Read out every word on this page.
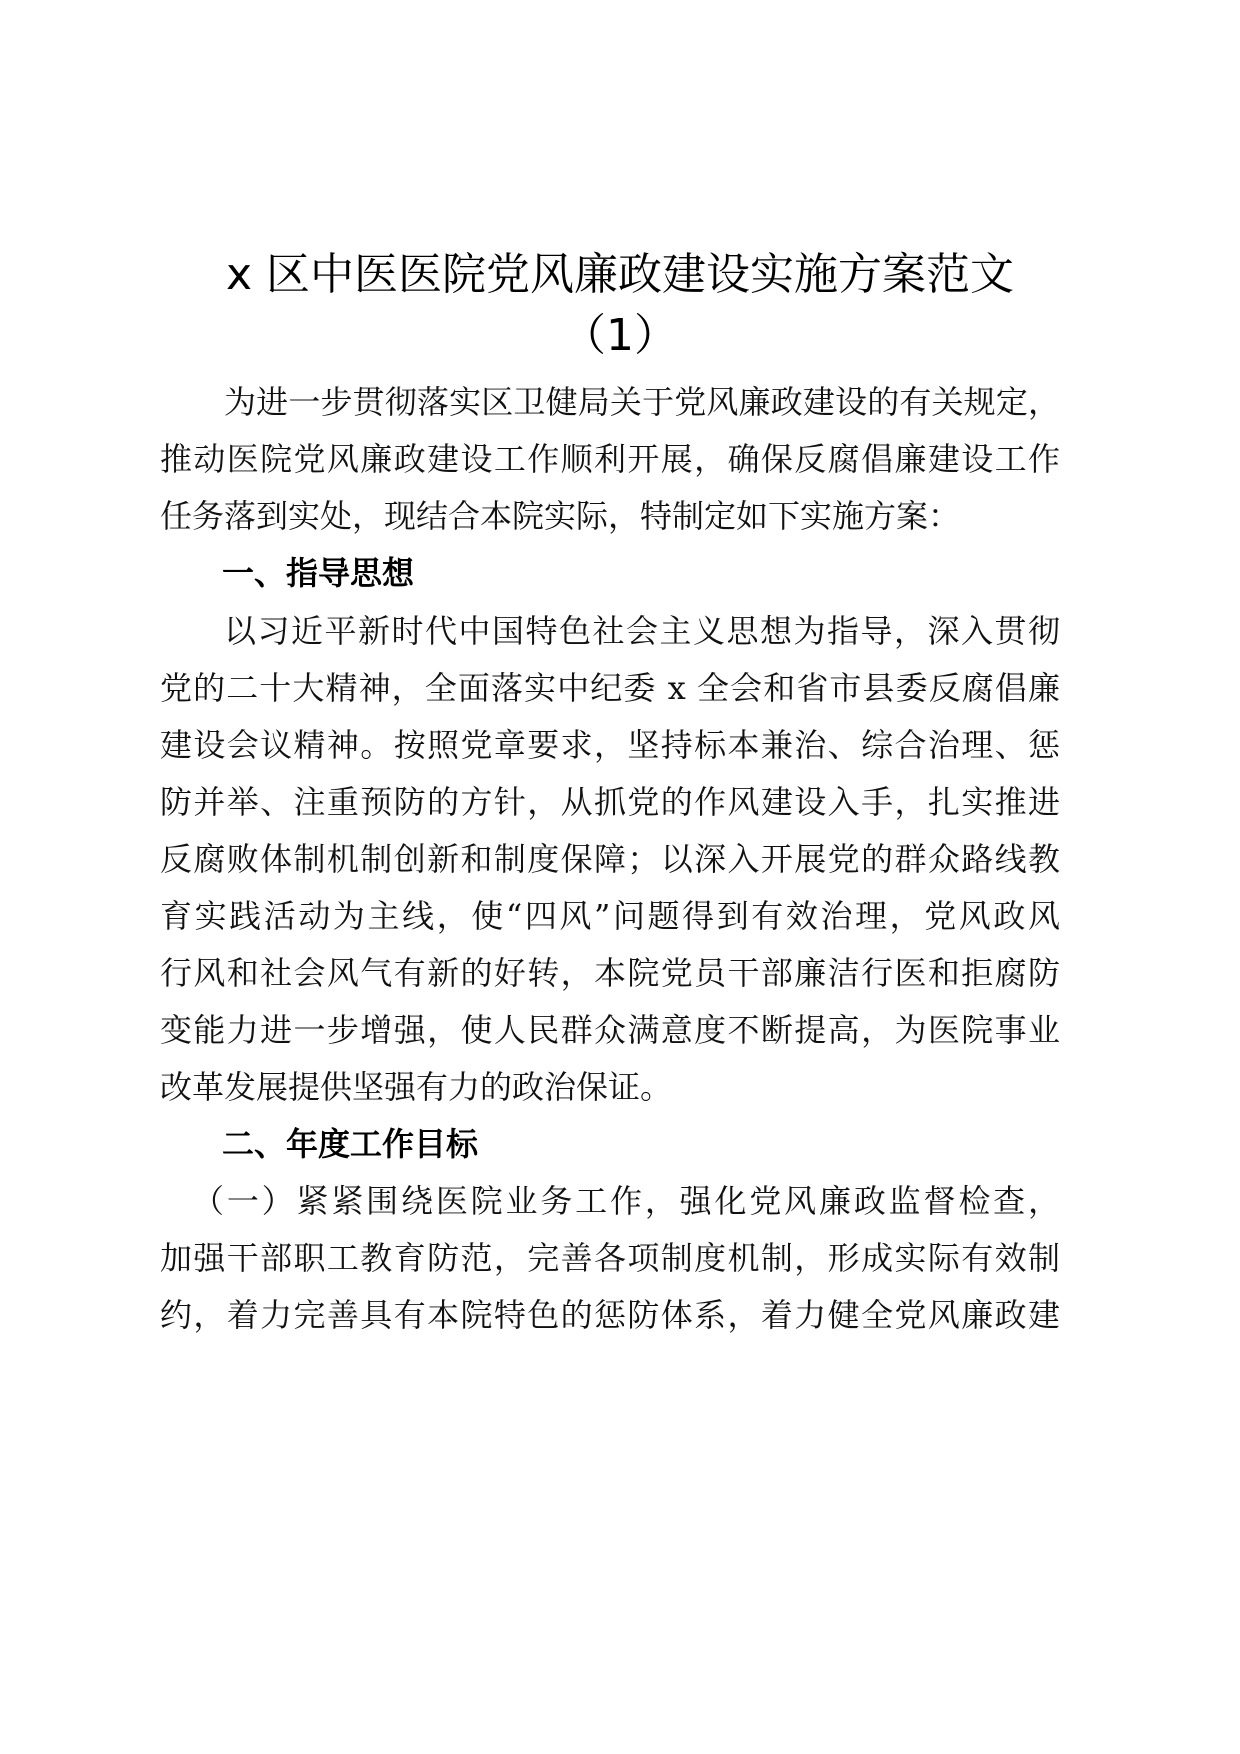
x 区中医医院党风廉政建设实施方案范文
（1）

为进一步贯彻落实区卫健局关于党风廉政建设的有关规定，

推动医院党风廉政建设工作顺利开展，确保反腐倡廉建设工作

任务落到实处，现结合本院实际，特制定如下实施方案：

一、指导思想

以习近平新时代中国特色社会主义思想为指导，深入贯彻

党的二十大精神，全面落实中纪委 x 全会和省市县委反腐倡廉

建设会议精神。按照党章要求，坚持标本兼治、综合治理、惩

防并举、注重预防的方针，从抓党的作风建设入手，扎实推进

反腐败体制机制创新和制度保障；以深入开展党的群众路线教

育实践活动为主线，使“四风”问题得到有效治理，党风政风

行风和社会风气有新的好转，本院党员干部廉洁行医和拒腐防

变能力进一步增强，使人民群众满意度不断提高，为医院事业

改革发展提供坚强有力的政治保证。

二、年度工作目标

（一）紧紧围绕医院业务工作，强化党风廉政监督检查，

加强干部职工教育防范，完善各项制度机制，形成实际有效制

约，着力完善具有本院特色的惩防体系，着力健全党风廉政建
